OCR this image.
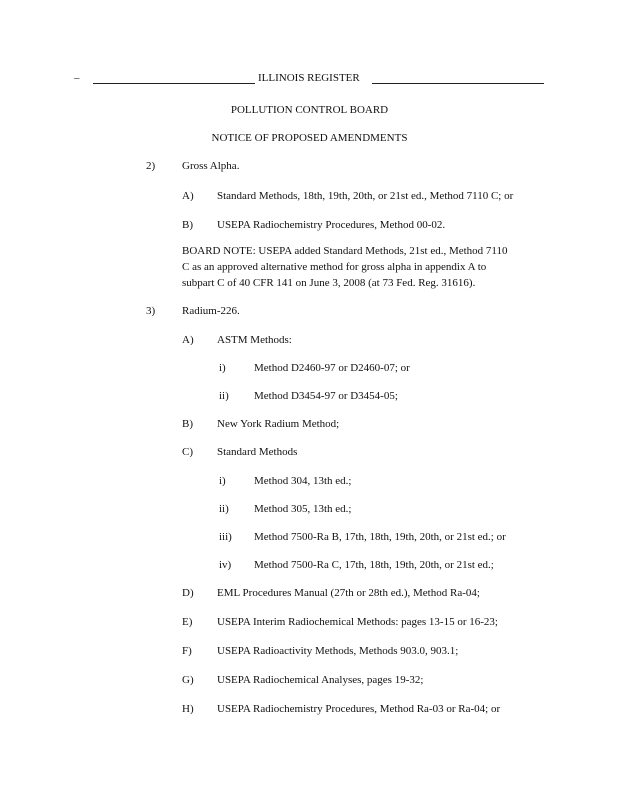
_	ILLINOIS REGISTER
POLLUTION CONTROL BOARD
NOTICE OF PROPOSED AMENDMENTS
2) Gross Alpha.
A) Standard Methods, 18th, 19th, 20th, or 21st ed., Method 7110 C; or
B) USEPA Radiochemistry Procedures, Method 00-02.
BOARD NOTE: USEPA added Standard Methods, 21st ed., Method 7110
C as an approved alternative method for gross alpha in appendix A to
subpart C of 40 CFR 141 on June 3, 2008 (at 73 Fed. Reg. 31616).
3) Radium-226.
A) ASTM Methods:
i)	Method D2460-97 or D2460-07; or
ii) Method D3454-97 or D3454-05;
B) New York Radium Method;
C) Standard Methods
i)	Method 304, 13th ed.;
ii) Method 305, 13th ed.;
iii) Method 7500-Ra B, 17th, 18th, 19th, 20th, or 21st ed.; or
iv) Method 7500-Ra C, 17th, 18th, 19th, 20th, or 21st ed.;
D) EML Procedures Manual (27th or 28th ed.), Method Ra-04;
E) USEPA Interim Radiochemical Methods: pages 13-15 or 16-23;
F) USEPA Radioactivity Methods, Methods 903.0, 903.1;
G) USEPA Radiochemical Analyses, pages 19-32;
H) USEPA Radiochemistry Procedures, Method Ra-03 or Ra-04; or
